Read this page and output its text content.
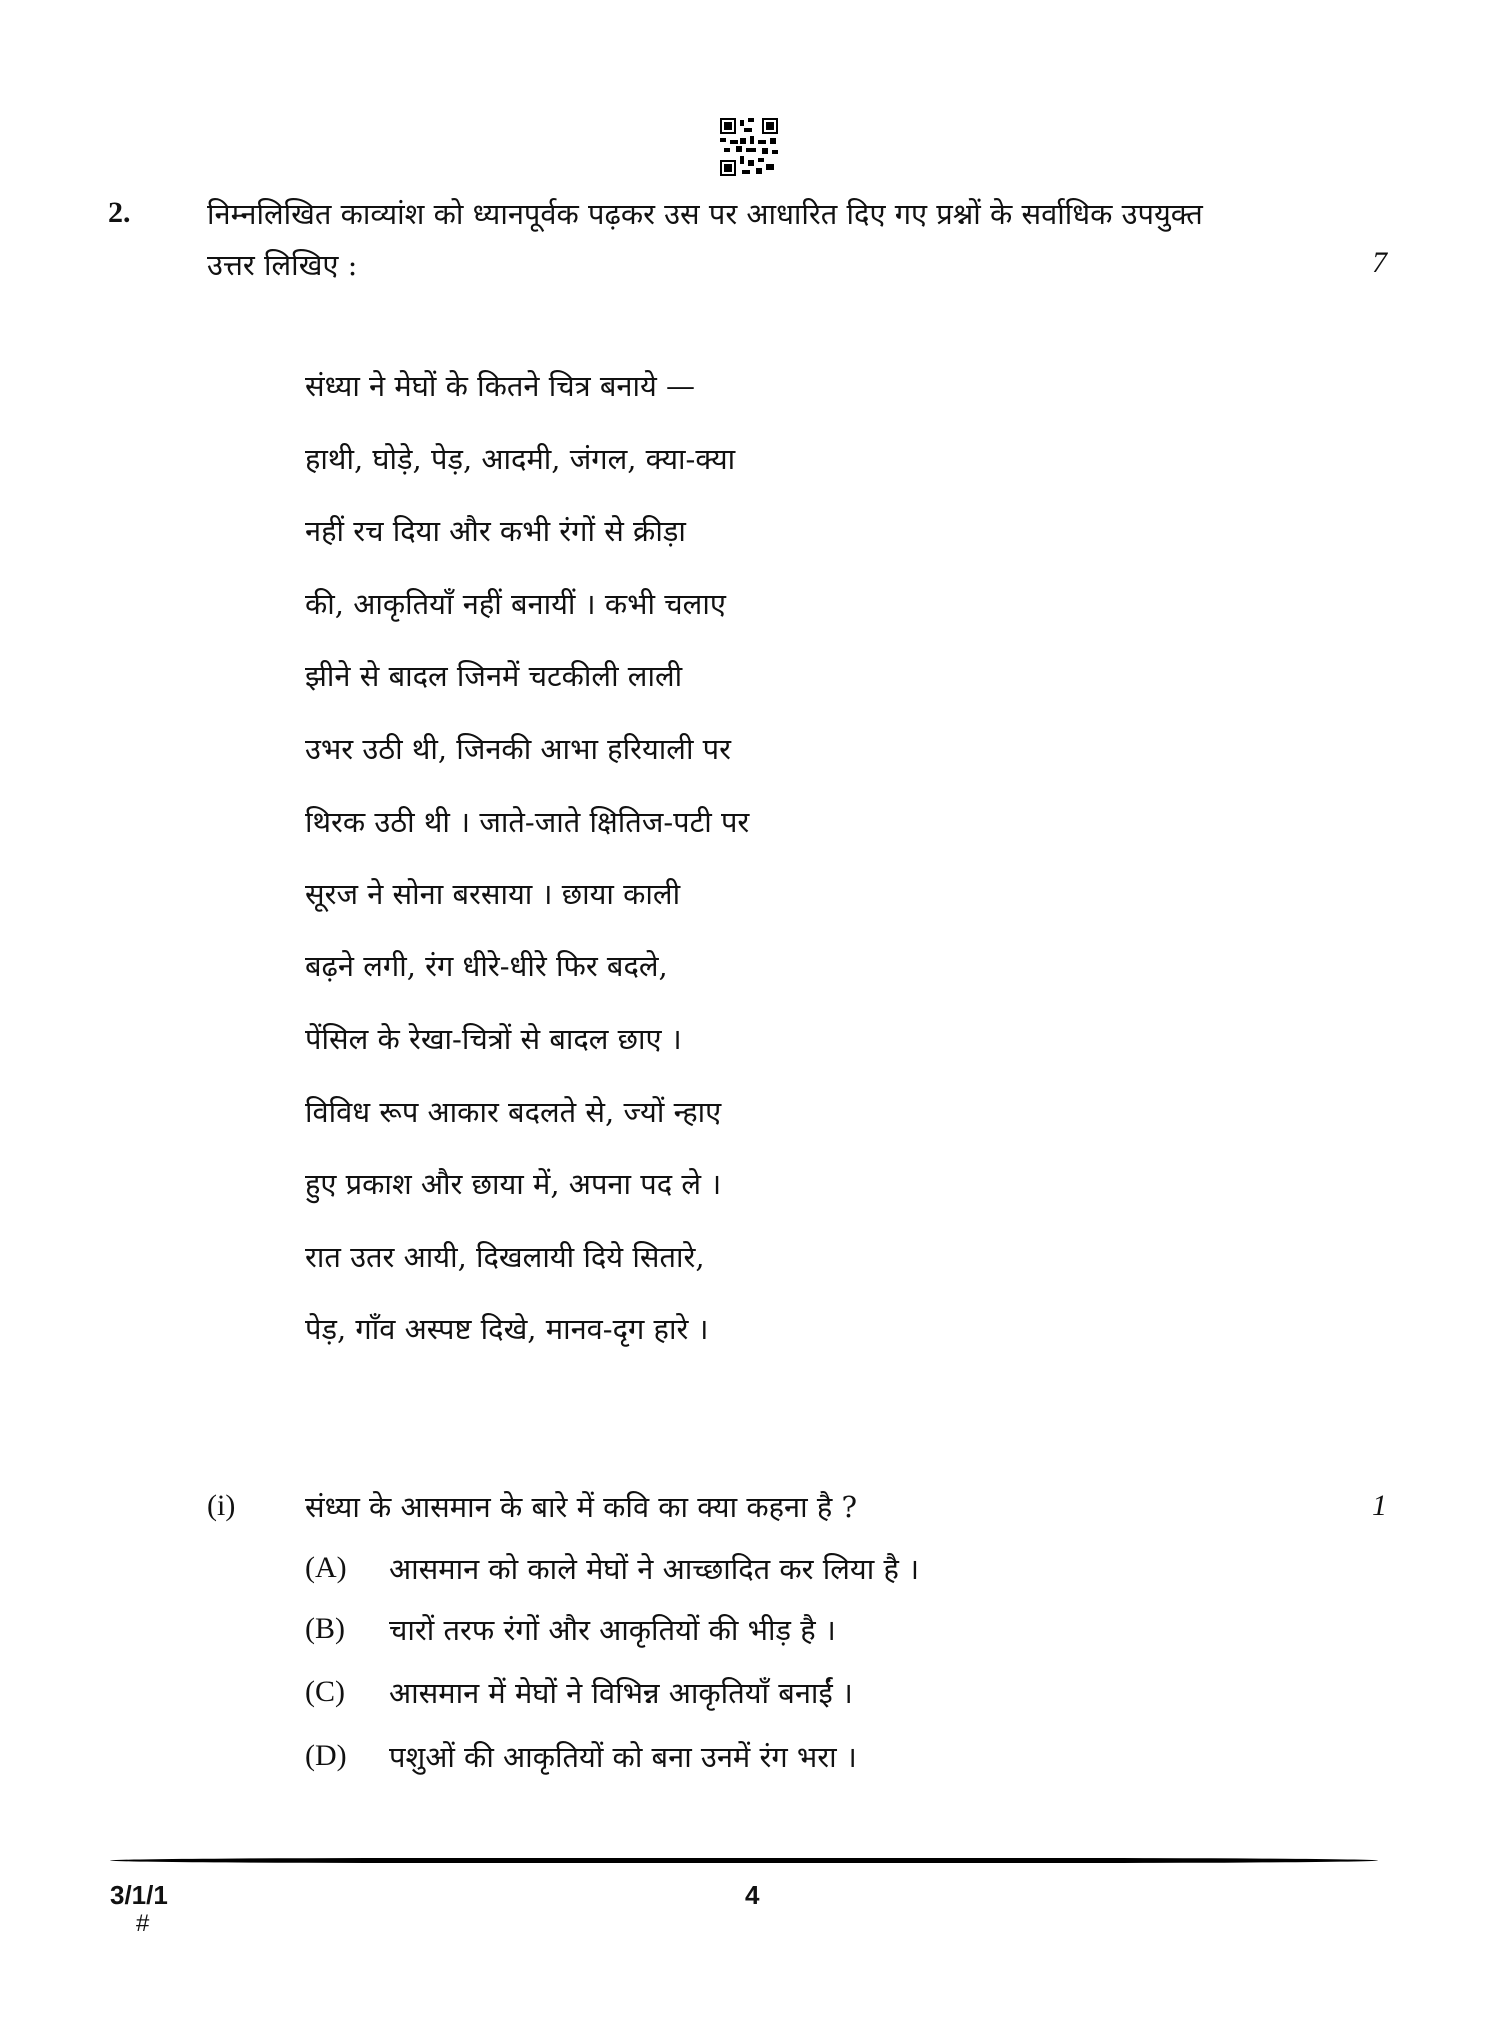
2.	निम्नलिखित काव्यांश को ध्यानपूर्वक पढ़कर उस पर आधारित दिए गए प्रश्नों के सर्वाधिक उपयुक्त
उत्तर लिखिए :	7
संध्या ने मेघों के कितने चित्र बनाये —
हाथी, घोड़े, पेड़, आदमी, जंगल, क्या-क्या
नहीं रच दिया और कभी रंगों से क्रीड़ा
की, आकृतियाँ नहीं बनायीं । कभी चलाए
झीने से बादल जिनमें चटकीली लाली
उभर उठी थी, जिनकी आभा हरियाली पर
थिरक उठी थी । जाते-जाते क्षितिज-पटी पर
सूरज ने सोना बरसाया । छाया काली
बढ़ने लगी, रंग धीरे-धीरे फिर बदले,
पेंसिल के रेखा-चित्रों से बादल छाए ।
विविध रूप आकार बदलते से, ज्यों न्हाए
हुए प्रकाश और छाया में, अपना पद ले ।
रात उतर आयी, दिखलायी दिये सितारे,
पेड़, गाँव अस्पष्ट दिखे, मानव-दृग हारे ।
(i) संध्या के आसमान के बारे में कवि का क्या कहना है ?	1
(A) आसमान को काले मेघों ने आच्छादित कर लिया है ।
(B) चारों तरफ रंगों और आकृतियों की भीड़ है ।
(C) आसमान में मेघों ने विभिन्न आकृतियाँ बनाईं ।
(D) पशुओं की आकृतियों को बना उनमें रंग भरा ।
3/1/1	4
#
